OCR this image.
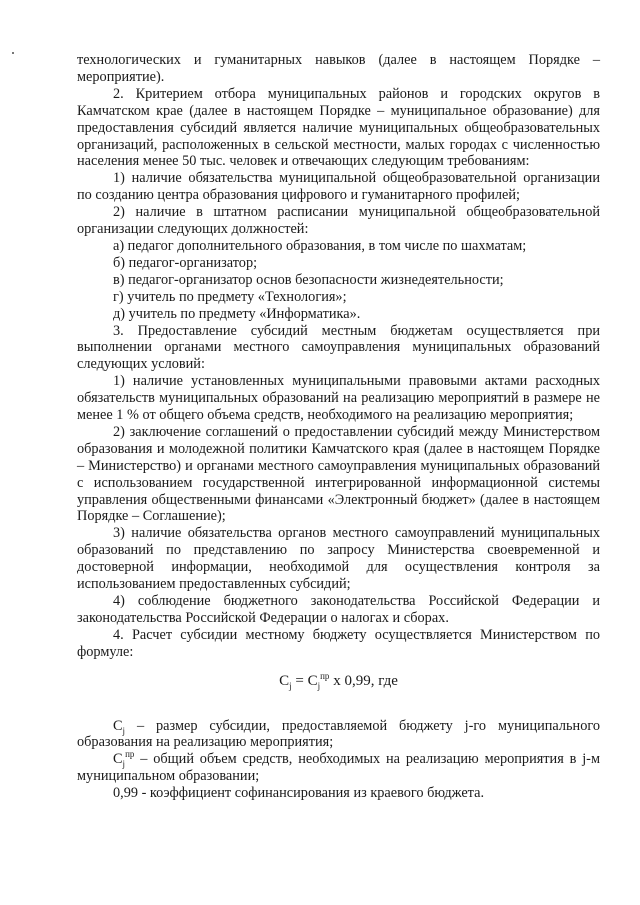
технологических и гуманитарных навыков (далее в настоящем Порядке – мероприятие).

2. Критерием отбора муниципальных районов и городских округов в Камчатском крае (далее в настоящем Порядке – муниципальное образование) для предоставления субсидий является наличие муниципальных общеобразовательных организаций, расположенных в сельской местности, малых городах с численностью населения менее 50 тыс. человек и отвечающих следующим требованиям:

1) наличие обязательства муниципальной общеобразовательной организации по созданию центра образования цифрового и гуманитарного профилей;

2) наличие в штатном расписании муниципальной общеобразовательной организации следующих должностей:

а) педагог дополнительного образования, в том числе по шахматам;

б) педагог-организатор;

в) педагог-организатор основ безопасности жизнедеятельности;

г) учитель по предмету «Технология»;

д) учитель по предмету «Информатика».

3. Предоставление субсидий местным бюджетам осуществляется при выполнении органами местного самоуправления муниципальных образований следующих условий:

1) наличие установленных муниципальными правовыми актами расходных обязательств муниципальных образований на реализацию мероприятий в размере не менее 1 % от общего объема средств, необходимого на реализацию мероприятия;

2) заключение соглашений о предоставлении субсидий между Министерством образования и молодежной политики Камчатского края (далее в настоящем Порядке – Министерство) и органами местного самоуправления муниципальных образований с использованием государственной интегрированной информационной системы управления общественными финансами «Электронный бюджет» (далее в настоящем Порядке – Соглашение);

3) наличие обязательства органов местного самоуправлений муниципальных образований по представлению по запросу Министерства своевременной и достоверной информации, необходимой для осуществления контроля за использованием предоставленных субсидий;

4) соблюдение бюджетного законодательства Российской Федерации и законодательства Российской Федерации о налогах и сборах.

4. Расчет субсидии местному бюджету осуществляется Министерством по формуле:

$C_j = C_j^{пр}$ x 0,99, где

$C_j$ – размер субсидии, предоставляемой бюджету j-го муниципального образования на реализацию мероприятия;

$C_j^{пр}$ – общий объем средств, необходимых на реализацию мероприятия в j-м муниципальном образовании;

0,99 - коэффициент софинансирования из краевого бюджета.
